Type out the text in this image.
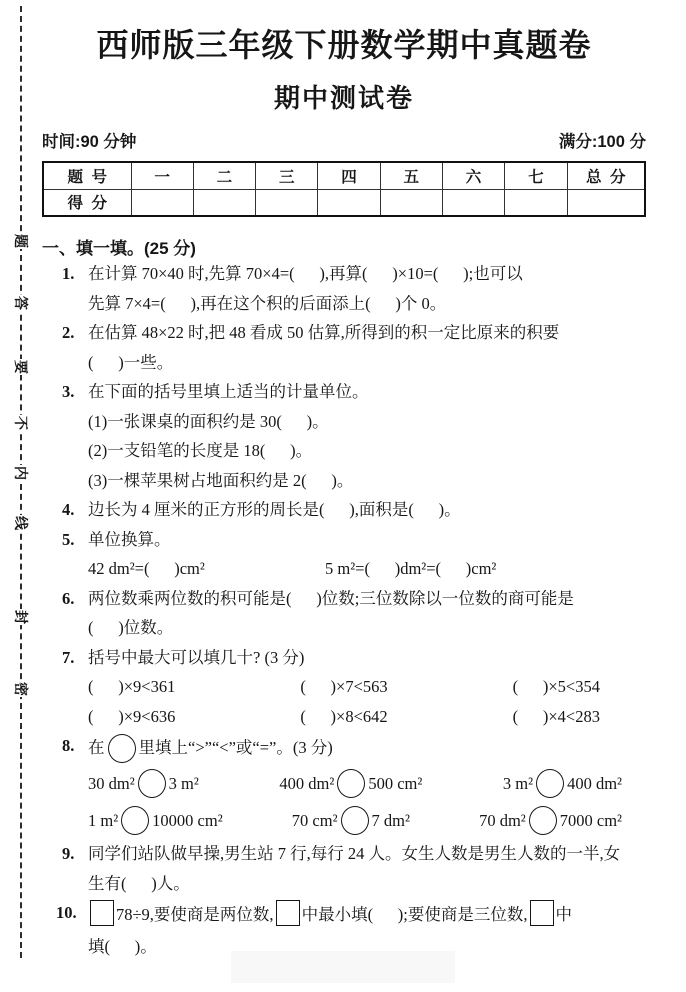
题
答
要
不
内
线
封
密
西师版三年级下册数学期中真题卷
期中测试卷
时间:90 分钟	满分:100 分
题  号	一	二	三	四	五	六	七	总  分
得  分								
一、填一填。(25 分)
1. 在计算 70×40 时,先算 70×4=(      ),再算(      )×10=(      );也可以
先算 7×4=(      ),再在这个积的后面添上(      )个 0。
2. 在估算 48×22 时,把 48 看成 50 估算,所得到的积一定比原来的积要
(      )一些。
3. 在下面的括号里填上适当的计量单位。
(1)一张课桌的面积约是 30(      )。
(2)一支铅笔的长度是 18(      )。
(3)一棵苹果树占地面积约是 2(      )。
4. 边长为 4 厘米的正方形的周长是(      ),面积是(      )。
5. 单位换算。
42 dm²=(      )cm²	5 m²=(      )dm²=(      )cm²
6. 两位数乘两位数的积可能是(      )位数;三位数除以一位数的商可能是
(      )位数。
7. 括号中最大可以填几十? (3 分)
(      )×9<361	(      )×7<563	(      )×5<354
(      )×9<636	(      )×8<642	(      )×4<283
8. 在 里填上“>”“<”或“=”。(3 分)
30 dm² 3 m²	400 dm² 500 cm²	3 m² 400 dm²
1 m² 10000 cm²	70 cm² 7 dm²	70 dm² 7000 cm²
9. 同学们站队做早操,男生站 7 行,每行 24 人。女生人数是男生人数的一半,女
生有(      )人。
10.	78÷9,要使商是两位数, 中最小填(      );要使商是三位数, 中
填(      )。
